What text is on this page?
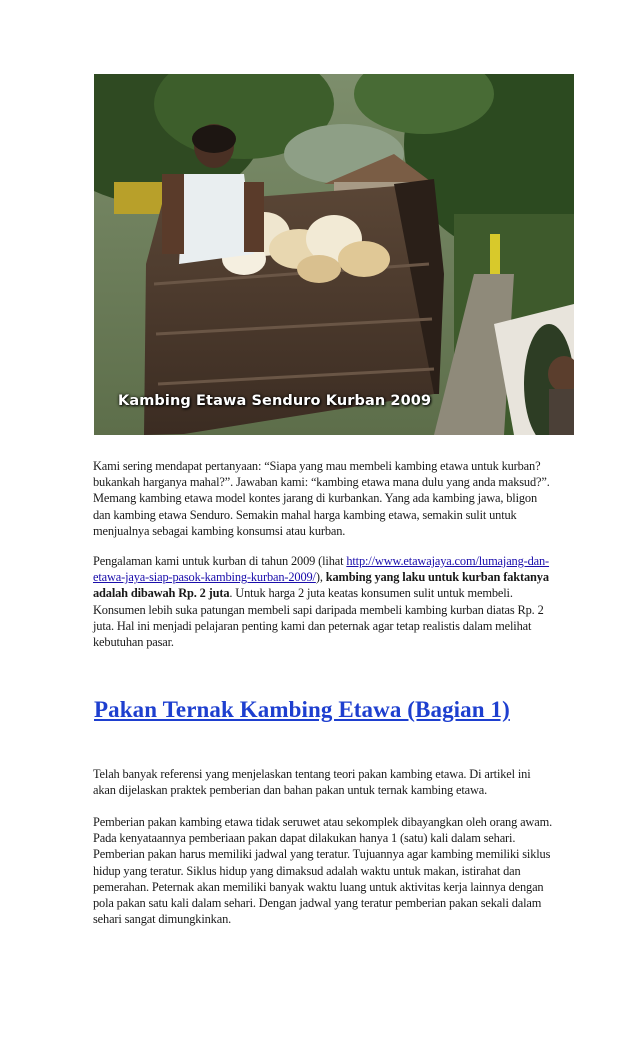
Kambing Etawa Senduro Kurban 2009

Kami sering mendapat pertanyaan: “Siapa yang mau membeli kambing etawa untuk kurban? bukankah harganya mahal?”. Jawaban kami: “kambing etawa mana dulu yang anda maksud?”. Memang kambing etawa model kontes jarang di kurbankan. Yang ada kambing jawa, bligon dan kambing etawa Senduro. Semakin mahal harga kambing etawa, semakin sulit untuk menjualnya sebagai kambing konsumsi atau kurban.

Pengalaman kami untuk kurban di tahun 2009 (lihat http://www.etawajaya.com/lumajang-dan-etawa-jaya-siap-pasok-kambing-kurban-2009/), kambing yang laku untuk kurban faktanya adalah dibawah Rp. 2 juta. Untuk harga 2 juta keatas konsumen sulit untuk membeli. Konsumen lebih suka patungan membeli sapi daripada membeli kambing kurban diatas Rp. 2 juta. Hal ini menjadi pelajaran penting kami dan peternak agar tetap realistis dalam melihat kebutuhan pasar.

Pakan Ternak Kambing Etawa (Bagian 1)

Telah banyak referensi yang menjelaskan tentang teori pakan kambing etawa. Di artikel ini akan dijelaskan praktek pemberian dan bahan pakan untuk ternak kambing etawa.

Pemberian pakan kambing etawa tidak seruwet atau sekomplek dibayangkan oleh orang awam. Pada kenyataannya pemberiaan pakan dapat dilakukan hanya 1 (satu) kali dalam sehari. Pemberian pakan harus memiliki jadwal yang teratur. Tujuannya agar kambing memiliki siklus hidup yang teratur. Siklus hidup yang dimaksud adalah waktu untuk makan, istirahat dan pemerahan. Peternak akan memiliki banyak waktu luang untuk aktivitas kerja lainnya dengan pola pakan satu kali dalam sehari. Dengan jadwal yang teratur pemberian pakan sekali dalam sehari sangat dimungkinkan.
